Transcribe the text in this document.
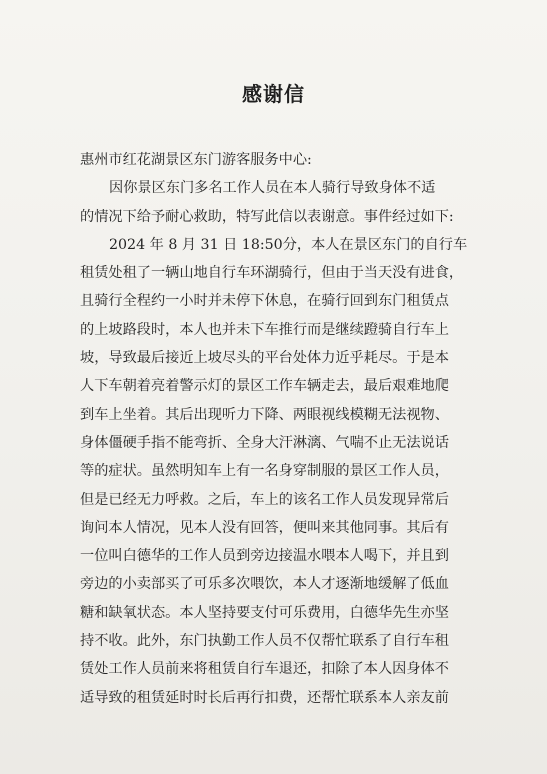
感谢信
惠州市红花湖景区东门游客服务中心:
因你景区东门多名工作人员在本人骑行导致身体不适
的情况下给予耐心救助，特写此信以表谢意。事件经过如下:
2024 年 8 月 31 日 18:50分，本人在景区东门的自行车
租赁处租了一辆山地自行车环湖骑行，但由于当天没有进食，
且骑行全程约一小时并未停下休息，在骑行回到东门租赁点
的上坡路段时，本人也并未下车推行而是继续蹬骑自行车上
坡，导致最后接近上坡尽头的平台处体力近乎耗尽。于是本
人下车朝着亮着警示灯的景区工作车辆走去，最后艰难地爬
到车上坐着。其后出现听力下降、两眼视线模糊无法视物、
身体僵硬手指不能弯折、全身大汗淋漓、气喘不止无法说话
等的症状。虽然明知车上有一名身穿制服的景区工作人员，
但是已经无力呼救。之后，车上的该名工作人员发现异常后
询问本人情况，见本人没有回答，便叫来其他同事。其后有
一位叫白德华的工作人员到旁边接温水喂本人喝下，并且到
旁边的小卖部买了可乐多次喂饮，本人才逐渐地缓解了低血
糖和缺氧状态。本人坚持要支付可乐费用，白德华先生亦坚
持不收。此外，东门执勤工作人员不仅帮忙联系了自行车租
赁处工作人员前来将租赁自行车退还，扣除了本人因身体不
适导致的租赁延时时长后再行扣费，还帮忙联系本人亲友前
